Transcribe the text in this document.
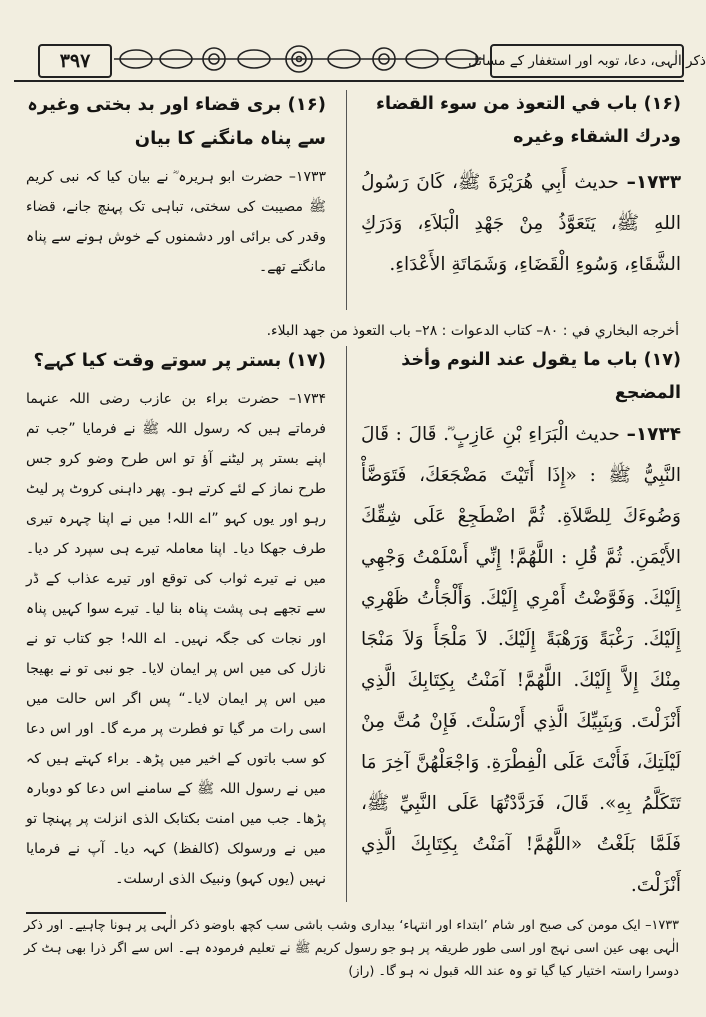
۳۹۷	ذکر الٰہی، دعا، توبہ اور استغفار کے مسائل
(۱۶) باب في التعوذ من سوء القضاء ودرك الشقاء وغيره
۱۷۳۳– حديث أَبِي هُرَيْرَةَ ﷺ، كَانَ رَسُولُ اللهِ ﷺ، يَتَعَوَّذُ مِنْ جَهْدِ الْبَلاَءِ، وَدَرَكِ الشَّقَاءِ، وَسُوءِ الْقَضَاءِ، وَشَمَاتَةِ الأَعْدَاءِ.
(۱۶) بری قضاء اور بد بختی وغیرہ سے پناہ مانگنے کا بیان
۱۷۳۳– حضرت ابو ہریرہ ؓ نے بیان کیا کہ نبی کریم ﷺ مصیبت کی سختی، تباہی تک پہنچ جانے، قضاء وقدر کی برائی اور دشمنوں کے خوش ہونے سے پناہ مانگتے تھے۔
أخرجه البخاري في : ٨٠– كتاب الدعوات : ٢٨– باب التعوذ من جهد البلاء.
(۱۷) باب ما يقول عند النوم وأخذ المضجع
۱۷۳۴– حديث الْبَرَاءِ بْنِ عَازِبٍ ؓ. قَالَ : قَالَ النَّبِيُّ ﷺ : «إِذَا أَتَيْتَ مَضْجَعَكَ، فَتَوَضَّأْ وَضُوءَكَ لِلصَّلاَةِ. ثُمَّ اضْطَجِعْ عَلَى شِقِّكَ الأَيْمَنِ. ثُمَّ قُلِ : اللَّهُمَّ! إِنِّي أَسْلَمْتُ وَجْهِي إِلَيْكَ. وَفَوَّضْتُ أَمْرِي إِلَيْكَ. وَأَلْجَأْتُ ظَهْرِي إِلَيْكَ. رَغْبَةً وَرَهْبَةً إِلَيْكَ. لاَ مَلْجَأَ وَلاَ مَنْجَا مِنْكَ إِلاَّ إِلَيْكَ. اللَّهُمَّ! آمَنْتُ بِكِتَابِكَ الَّذِي أَنْزَلْتَ. وَبِنَبِيِّكَ الَّذِي أَرْسَلْتَ. فَإِنْ مُتَّ مِنْ لَيْلَتِكَ، فَأَنْتَ عَلَى الْفِطْرَةِ. وَاجْعَلْهُنَّ آخِرَ مَا تَتَكَلَّمُ بِهِ». قَالَ، فَرَدَّدْتُهَا عَلَى النَّبِيِّ ﷺ، فَلَمَّا بَلَغْتُ «اللَّهُمَّ! آمَنْتُ بِكِتَابِكَ الَّذِي أَنْزَلْتَ.
(۱۷) بستر پر سوتے وقت کیا کہے؟
۱۷۳۴– حضرت براء بن عازب رضی اللہ عنہما فرماتے ہیں کہ رسول اللہ ﷺ نے فرمایا ”جب تم اپنے بستر پر لیٹنے آؤ تو اس طرح وضو کرو جس طرح نماز کے لئے کرتے ہو۔ پھر داہنی کروٹ پر لیٹ رہو اور یوں کہو ”اے اللہ! میں نے اپنا چہرہ تیری طرف جھکا دیا۔ اپنا معاملہ تیرے ہی سپرد کر دیا۔ میں نے تیرے ثواب کی توقع اور تیرے عذاب کے ڈر سے تجھے ہی پشت پناہ بنا لیا۔ تیرے سوا کہیں پناہ اور نجات کی جگہ نہیں۔ اے اللہ! جو کتاب تو نے نازل کی میں اس پر ایمان لایا۔ جو نبی تو نے بھیجا میں اس پر ایمان لایا۔“ پس اگر اس حالت میں اسی رات مر گیا تو فطرت پر مرے گا۔ اور اس دعا کو سب باتوں کے اخیر میں پڑھ۔ براء کہتے ہیں کہ میں نے رسول اللہ ﷺ کے سامنے اس دعا کو دوبارہ پڑھا۔ جب میں امنت بکتابک الذی انزلت پر پہنچا تو میں نے ورسولک (کالفظ) کہہ دیا۔ آپ نے فرمایا نہیں (یوں کہو) ونبیک الذی ارسلت۔
۱۷۳۳– ایک مومن کی صبح اور شام ’ابتداء اور انتہاء‘ بیداری وشب باشی سب کچھ باوضو ذکر الٰہی پر ہونا چاہیے۔ اور ذکر الٰہی بھی عین اسی نہج اور اسی طور طریقہ پر ہو جو رسول کریم ﷺ نے تعلیم فرمودہ ہے۔ اس سے اگر ذرا بھی ہٹ کر دوسرا راستہ اختیار کیا گیا تو وہ عند اللہ قبول نہ ہو گا۔ (راز)
